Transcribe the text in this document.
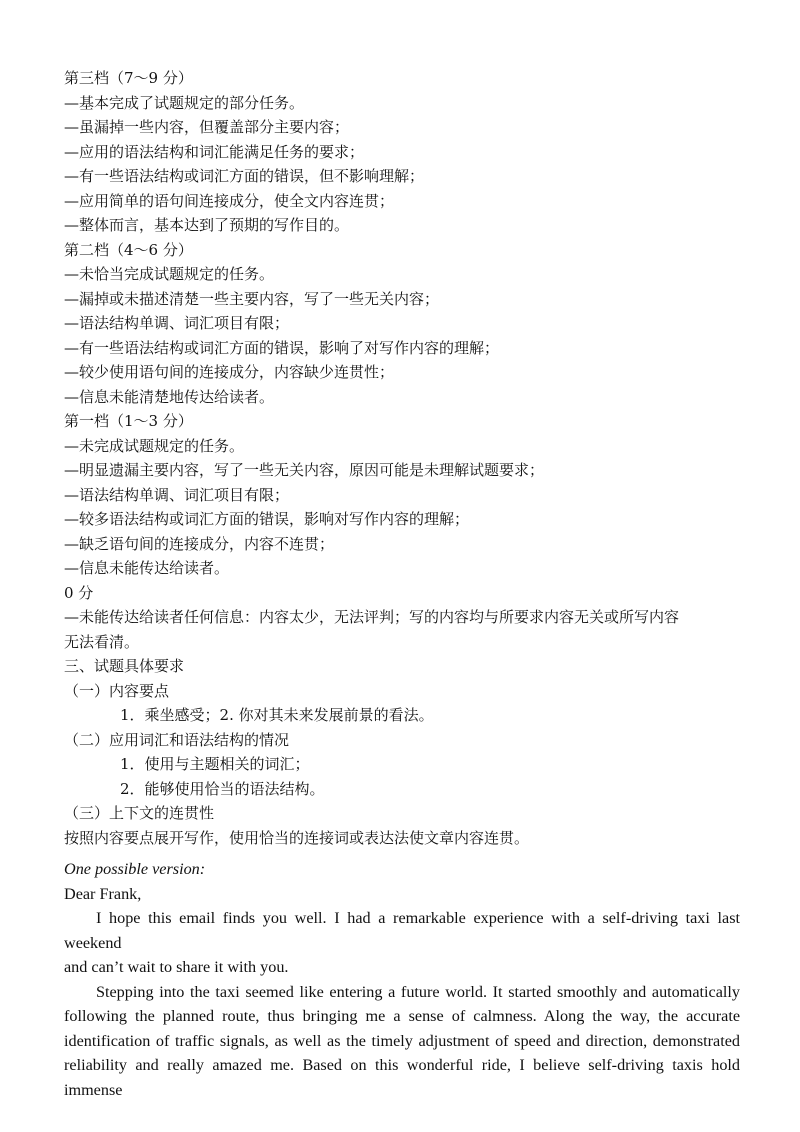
第三档（7～9 分）
—基本完成了试题规定的部分任务。
—虽漏掉一些内容，但覆盖部分主要内容；
—应用的语法结构和词汇能满足任务的要求；
—有一些语法结构或词汇方面的错误，但不影响理解；
—应用简单的语句间连接成分，使全文内容连贯；
—整体而言，基本达到了预期的写作目的。
第二档（4～6 分）
—未恰当完成试题规定的任务。
—漏掉或未描述清楚一些主要内容，写了一些无关内容；
—语法结构单调、词汇项目有限；
—有一些语法结构或词汇方面的错误，影响了对写作内容的理解；
—较少使用语句间的连接成分，内容缺少连贯性；
—信息未能清楚地传达给读者。
第一档（1～3 分）
—未完成试题规定的任务。
—明显遗漏主要内容，写了一些无关内容，原因可能是未理解试题要求；
—语法结构单调、词汇项目有限；
—较多语法结构或词汇方面的错误，影响对写作内容的理解；
—缺乏语句间的连接成分，内容不连贯；
—信息未能传达给读者。
0 分
—未能传达给读者任何信息：内容太少，无法评判；写的内容均与所要求内容无关或所写内容
无法看清。
三、试题具体要求
（一）内容要点
1．乘坐感受；2. 你对其未来发展前景的看法。
（二）应用词汇和语法结构的情况
1．使用与主题相关的词汇；
2．能够使用恰当的语法结构。
（三）上下文的连贯性
按照内容要点展开写作，使用恰当的连接词或表达法使文章内容连贯。
One possible version:
Dear Frank,
I hope this email finds you well. I had a remarkable experience with a self-driving taxi last weekend
and can’t wait to share it with you.
Stepping into the taxi seemed like entering a future world. It started smoothly and automatically
following the planned route, thus bringing me a sense of calmness. Along the way, the accurate
identification of traffic signals, as well as the timely adjustment of speed and direction, demonstrated
reliability and really amazed me. Based on this wonderful ride, I believe self-driving taxis hold immense
